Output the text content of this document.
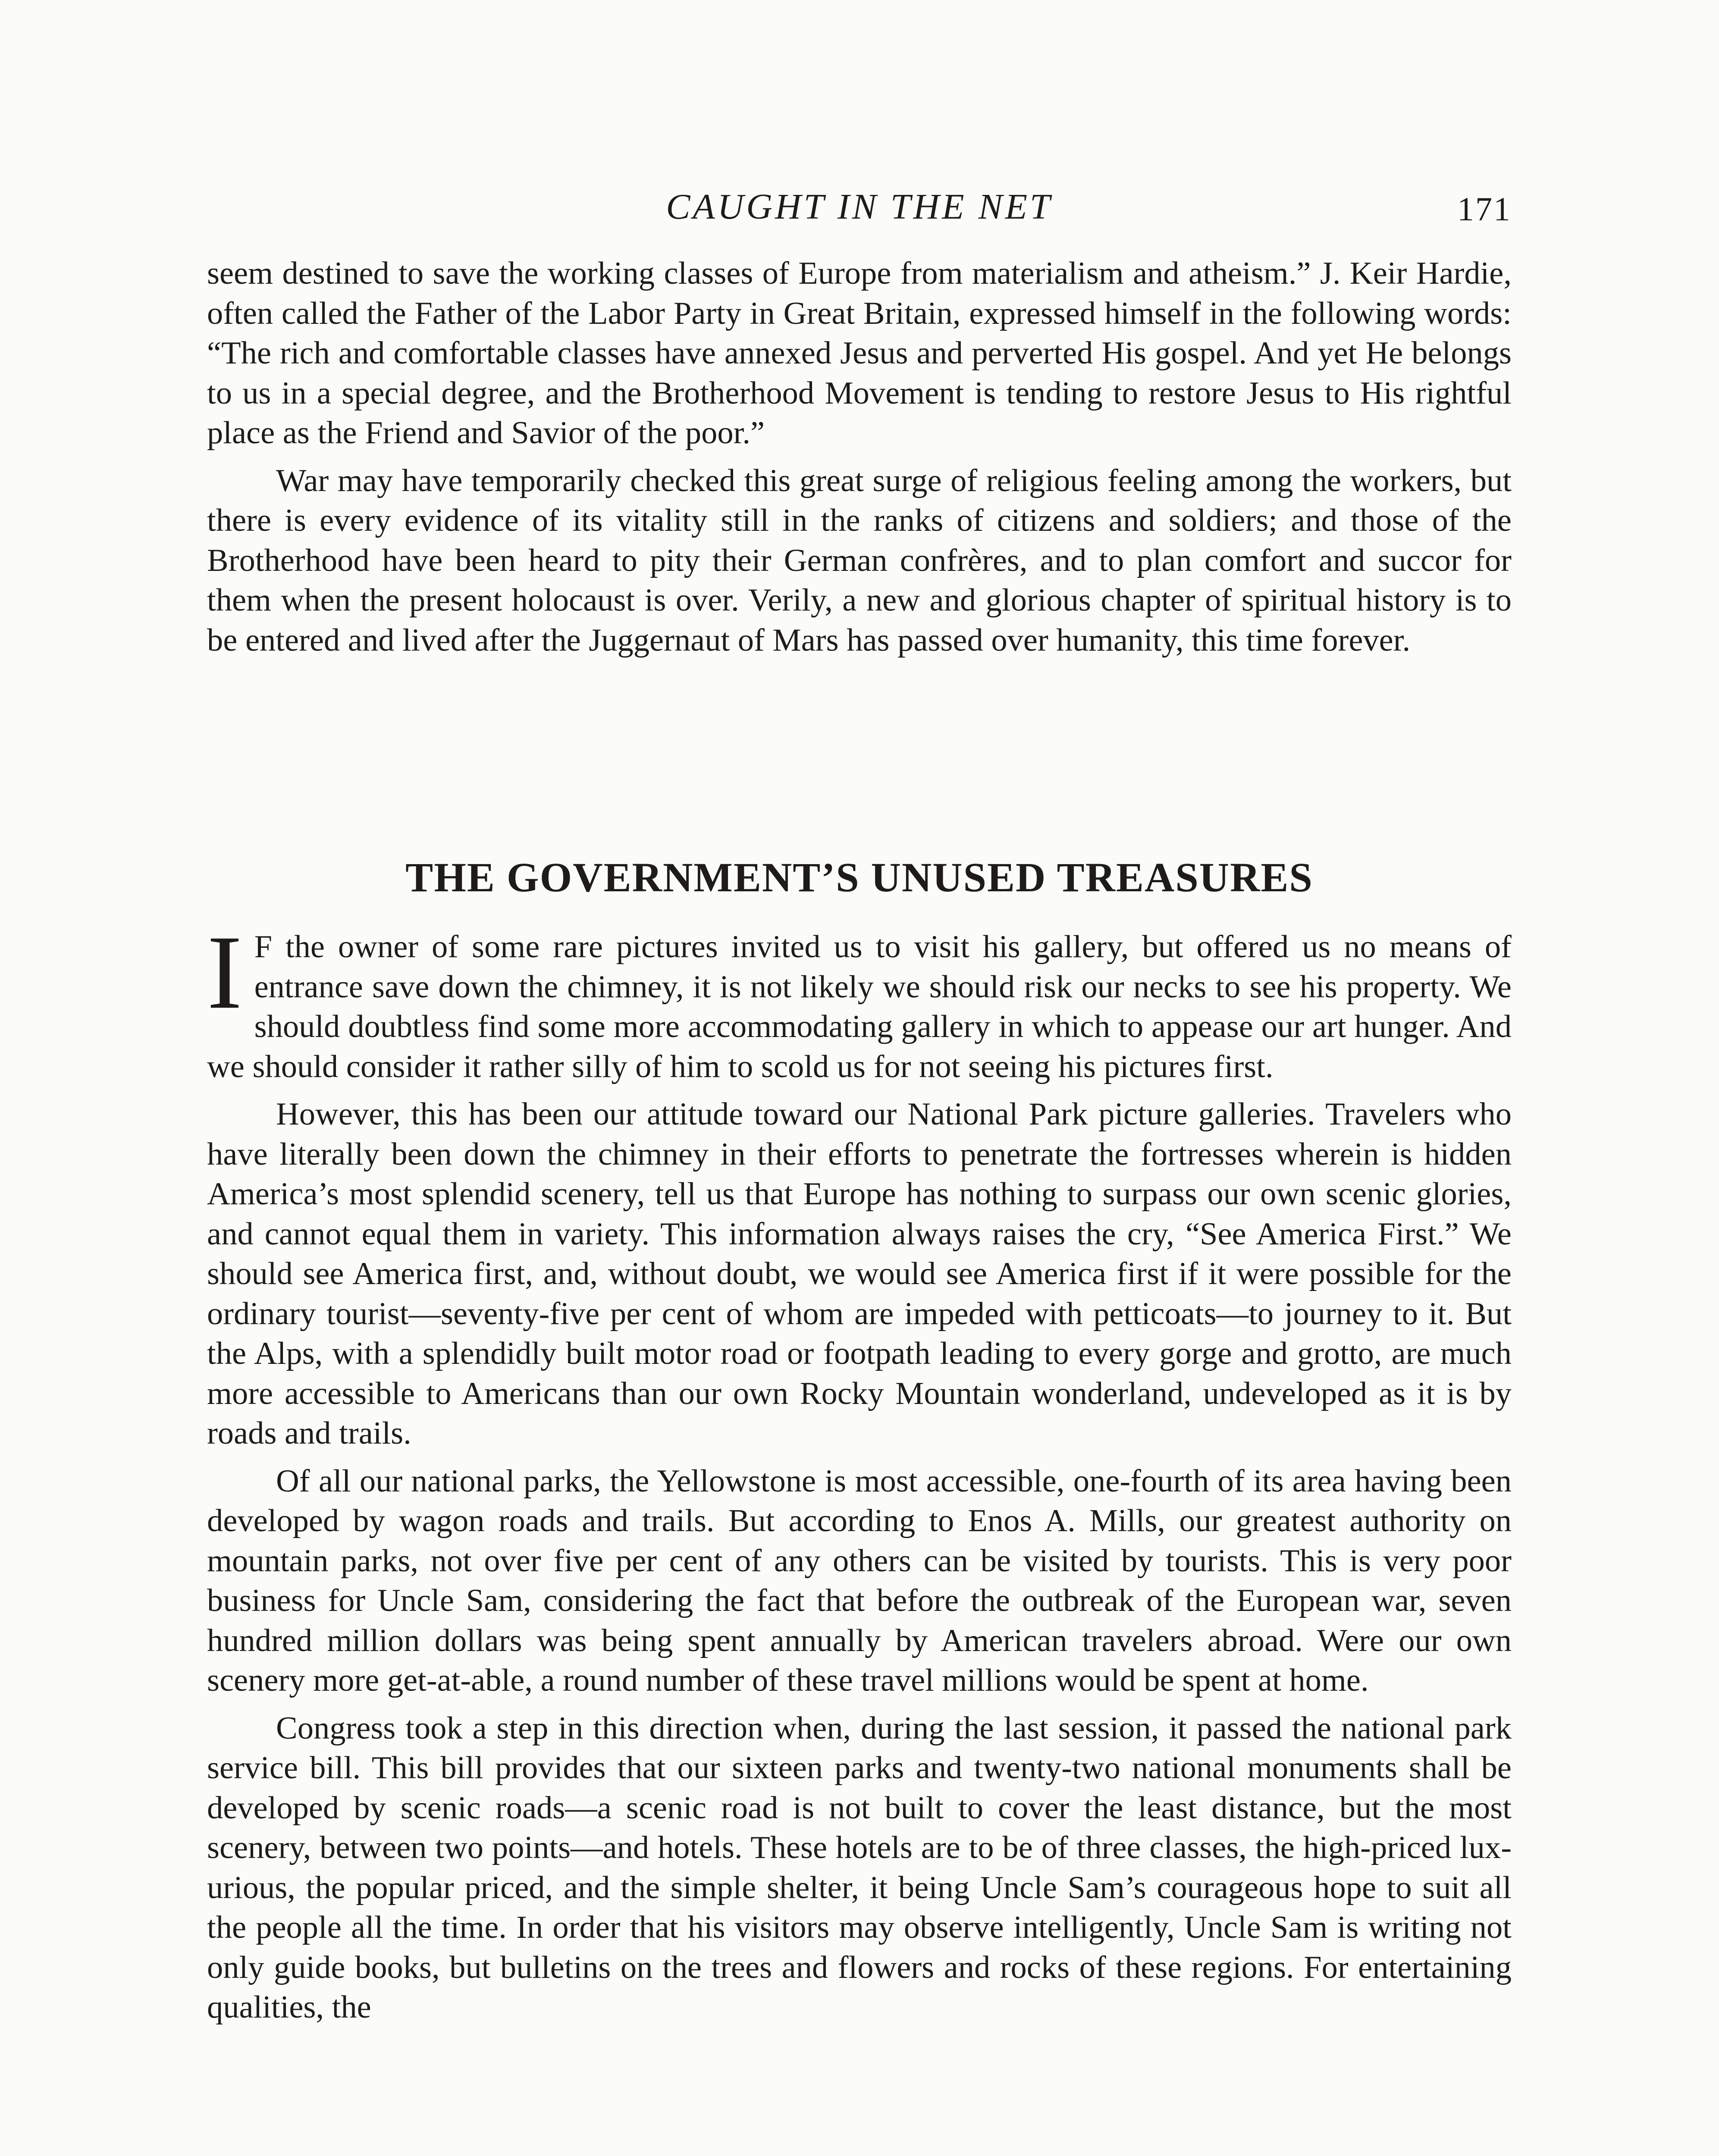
CAUGHT IN THE NET	171

seem destined to save the working classes of Europe from materialism and atheism.” J. Keir Hardie, often called the Father of the Labor Party in Great Britain, expressed himself in the following words: “The rich and comfortable classes have annexed Jesus and perverted His gospel. And yet He belongs to us in a special degree, and the Brotherhood Movement is tending to restore Jesus to His rightful place as the Friend and Savior of the poor.”

War may have temporarily checked this great surge of religious feeling among the workers, but there is every evidence of its vitality still in the ranks of citizens and soldiers; and those of the Brotherhood have been heard to pity their German confrères, and to plan comfort and succor for them when the present holocaust is over. Verily, a new and glorious chapter of spiritual history is to be entered and lived after the Juggernaut of Mars has passed over humanity, this time forever.

THE GOVERNMENT’S UNUSED TREASURES

I F the owner of some rare pictures invited us to visit his gallery, but offered us no means of entrance save down the chimney, it is not likely we should risk our necks to see his property. We should doubtless find some more accommodating gallery in which to appease our art hunger. And we should consider it rather silly of him to scold us for not seeing his pictures first.

However, this has been our attitude toward our National Park picture galleries. Travelers who have literally been down the chimney in their efforts to penetrate the fortresses wherein is hidden America’s most splendid scenery, tell us that Europe has nothing to surpass our own scenic glories, and cannot equal them in variety. This information always raises the cry, “See America First.” We should see America first, and, without doubt, we would see America first if it were possible for the ordinary tourist—seventy-five per cent of whom are impeded with petticoats—to journey to it. But the Alps, with a splendidly built motor road or footpath leading to every gorge and grotto, are much more accessible to Americans than our own Rocky Mountain wonderland, undeveloped as it is by roads and trails.

Of all our national parks, the Yellowstone is most accessible, one-fourth of its area having been developed by wagon roads and trails. But according to Enos A. Mills, our greatest authority on mountain parks, not over five per cent of any others can be visited by tourists. This is very poor business for Uncle Sam, considering the fact that before the outbreak of the European war, seven hundred million dollars was being spent annually by American travelers abroad. Were our own scenery more get-at-able, a round number of these travel millions would be spent at home.

Congress took a step in this direction when, during the last session, it passed the national park service bill. This bill provides that our sixteen parks and twenty-two national monuments shall be developed by scenic roads—a scenic road is not built to cover the least distance, but the most scenery, between two points—and hotels. These hotels are to be of three classes, the high-priced luxurious, the popular priced, and the simple shelter, it being Uncle Sam’s courageous hope to suit all the people all the time. In order that his visitors may observe intelligently, Uncle Sam is writing not only guide books, but bulletins on the trees and flowers and rocks of these regions. For entertaining qualities, the
